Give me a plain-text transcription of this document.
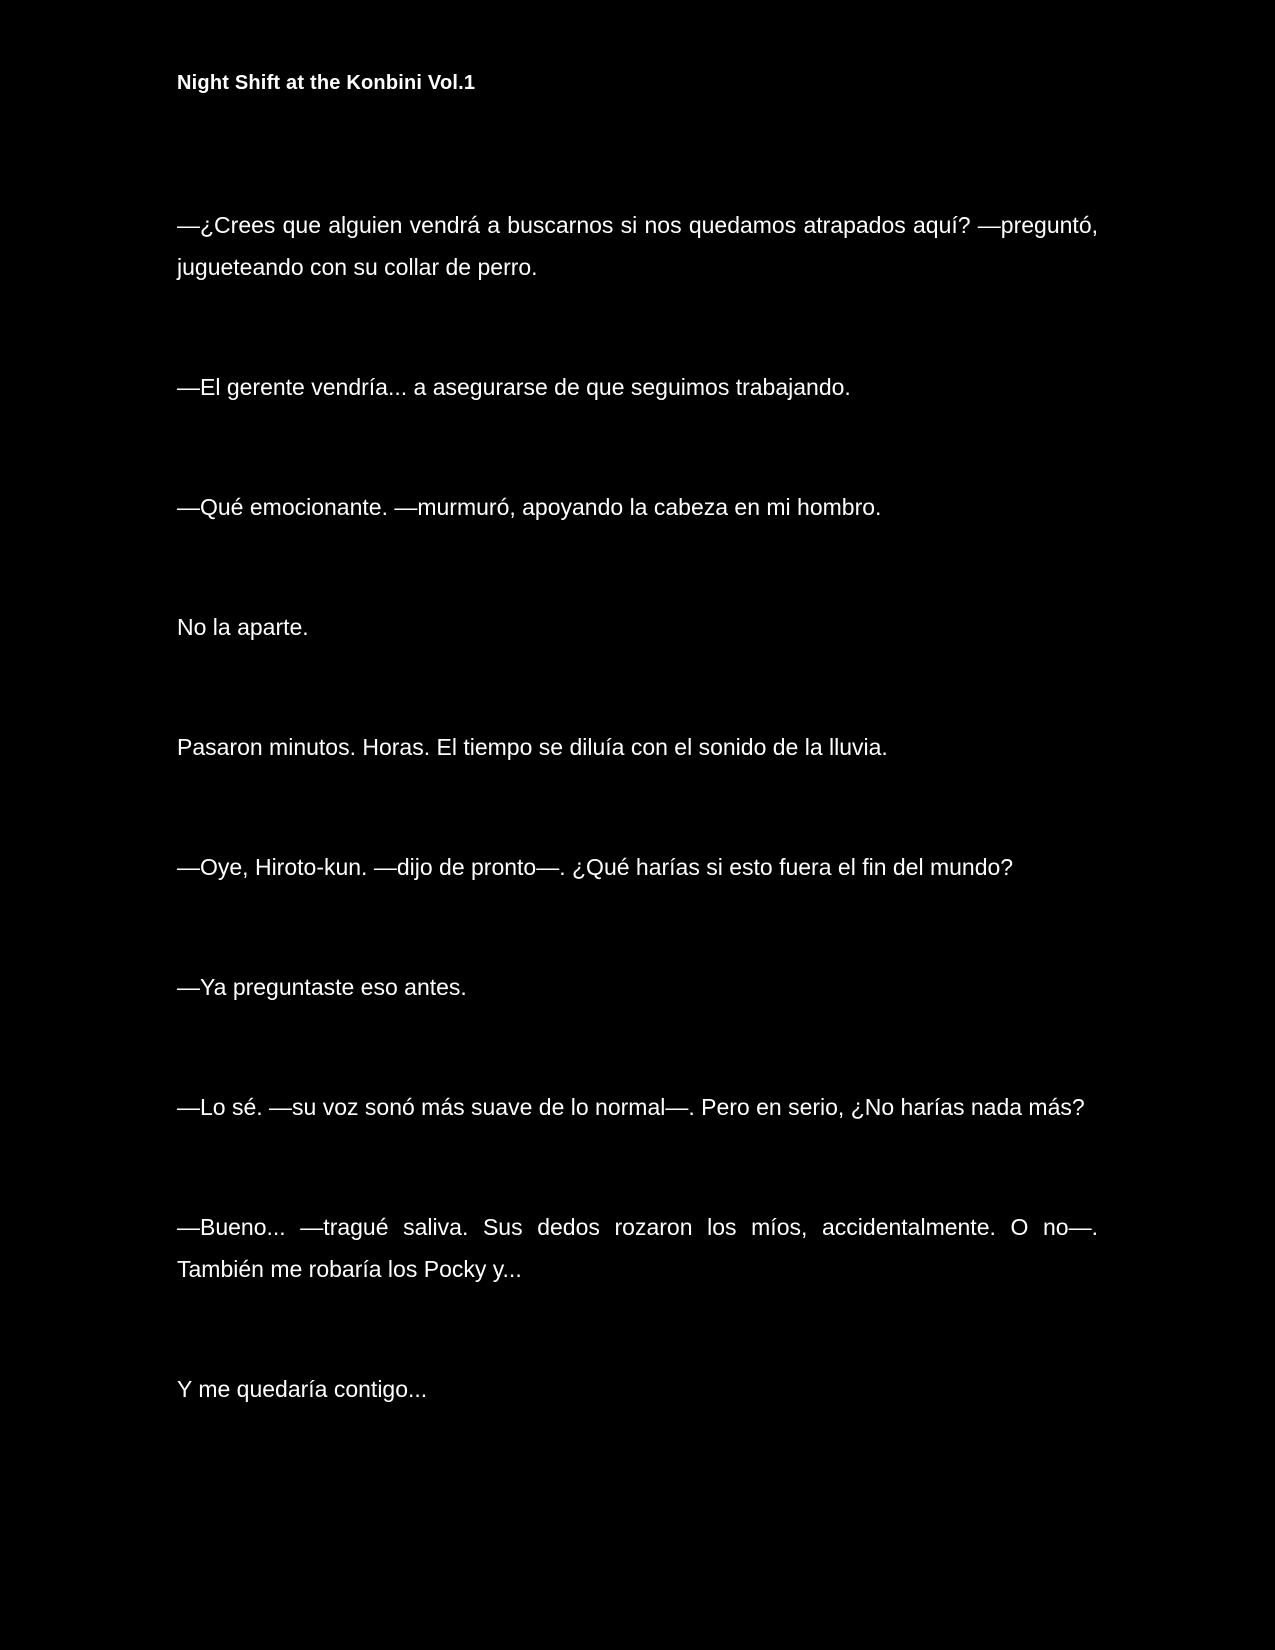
Night Shift at the Konbini Vol.1

—¿Crees que alguien vendrá a buscarnos si nos quedamos atrapados aquí? —preguntó, jugueteando con su collar de perro.

—El gerente vendría... a asegurarse de que seguimos trabajando.

—Qué emocionante. —murmuró, apoyando la cabeza en mi hombro.

No la aparte.

Pasaron minutos. Horas. El tiempo se diluía con el sonido de la lluvia.

—Oye, Hiroto-kun. —dijo de pronto—. ¿Qué harías si esto fuera el fin del mundo?

—Ya preguntaste eso antes.

—Lo sé. —su voz sonó más suave de lo normal—. Pero en serio, ¿No harías nada más?

—Bueno... —tragué saliva. Sus dedos rozaron los míos, accidentalmente. O no—. También me robaría los Pocky y...

Y me quedaría contigo...
